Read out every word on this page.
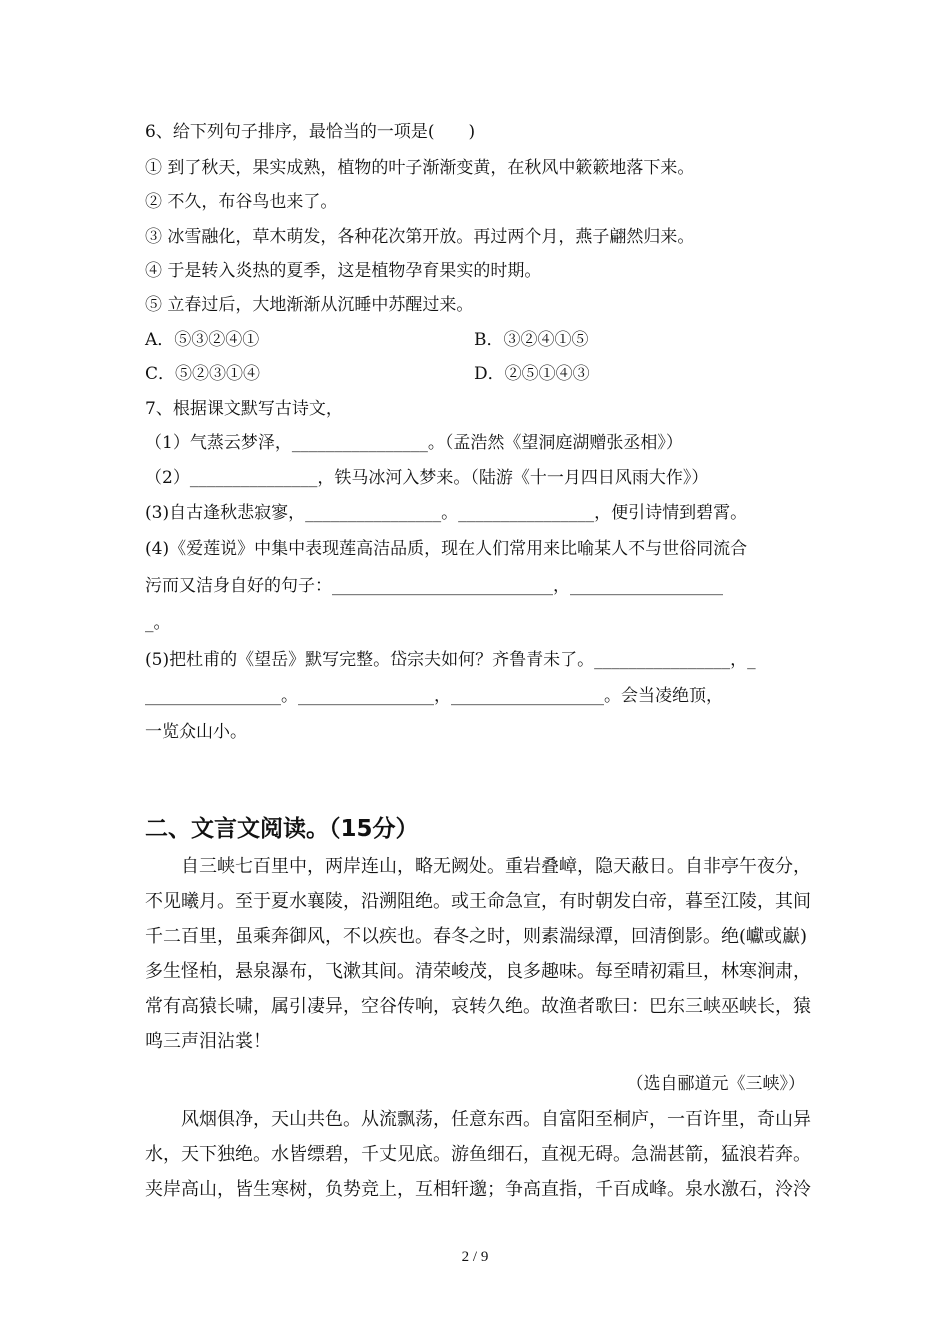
6、给下列句子排序，最恰当的一项是(　　)
① 到了秋天，果实成熟，植物的叶子渐渐变黄，在秋风中簌簌地落下来。
② 不久，布谷鸟也来了。
③ 冰雪融化，草木萌发，各种花次第开放。再过两个月，燕子翩然归来。
④ 于是转入炎热的夏季，这是植物孕育果实的时期。
⑤ 立春过后，大地渐渐从沉睡中苏醒过来。
A．⑤③②④①	B．③②④①⑤
C．⑤②③①④	D．②⑤①④③
7、根据课文默写古诗文，
（1）气蒸云梦泽，________________。（孟浩然《望洞庭湖赠张丞相》）
（2）_______________，铁马冰河入梦来。（陆游《十一月四日风雨大作》）
(3)自古逢秋悲寂寥，________________。________________，便引诗情到碧霄。
(4)《爱莲说》中集中表现莲高洁品质，现在人们常用来比喻某人不与世俗同流合
污而又洁身自好的句子：__________________________，__________________
_。
(5)把杜甫的《望岳》默写完整。岱宗夫如何？齐鲁青未了。________________，_
________________。________________，__________________。会当凌绝顶，
一览众山小。
二、文言文阅读。（15分）
　　自三峡七百里中，两岸连山，略无阙处。重岩叠嶂，隐天蔽日。自非亭午夜分，
不见曦月。至于夏水襄陵，沿溯阻绝。或王命急宣，有时朝发白帝，暮至江陵，其间
千二百里，虽乘奔御风，不以疾也。春冬之时，则素湍绿潭，回清倒影。绝(巘或巚)
多生怪柏，悬泉瀑布，飞漱其间。清荣峻茂，良多趣味。每至晴初霜旦，林寒涧肃，
常有高猿长啸，属引凄异，空谷传响，哀转久绝。故渔者歌曰：巴东三峡巫峡长，猿
鸣三声泪沾裳！
（选自郦道元《三峡》）
　　风烟俱净，天山共色。从流飘荡，任意东西。自富阳至桐庐，一百许里，奇山异
水，天下独绝。水皆缥碧，千丈见底。游鱼细石，直视无碍。急湍甚箭，猛浪若奔。
夹岸高山，皆生寒树，负势竞上，互相轩邈；争高直指，千百成峰。泉水激石，泠泠
2 / 9
